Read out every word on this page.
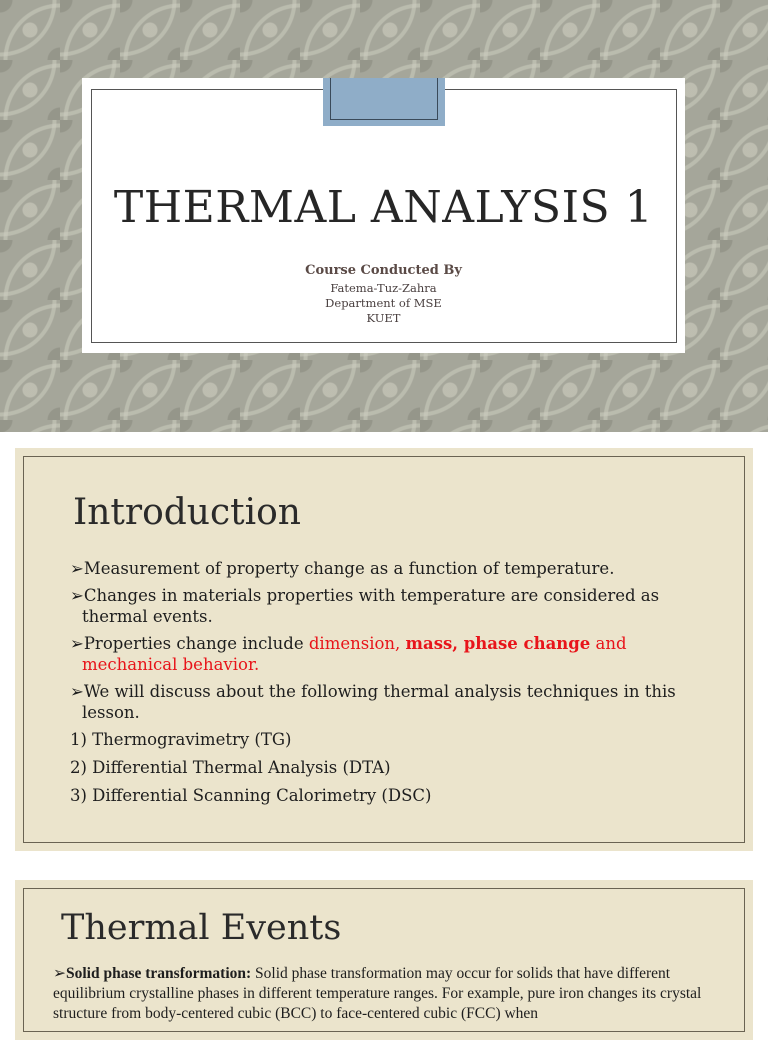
THERMAL ANALYSIS 1
Course Conducted By
Fatema-Tuz-Zahra
Department of MSE
KUET
Introduction
➢Measurement of property change as a function of temperature.
➢Changes in materials properties with temperature are considered as
thermal events.
➢Properties change include dimension, mass, phase change and
mechanical behavior.
➢We will discuss about the following thermal analysis techniques in this
lesson.
1) Thermogravimetry (TG)
2) Differential Thermal Analysis (DTA)
3) Differential Scanning Calorimetry (DSC)
Thermal Events
➢Solid phase transformation: Solid phase transformation may occur for solids that have different equilibrium crystalline phases in different temperature ranges. For example, pure iron changes its crystal structure from body-centered cubic (BCC) to face-centered cubic (FCC) when
